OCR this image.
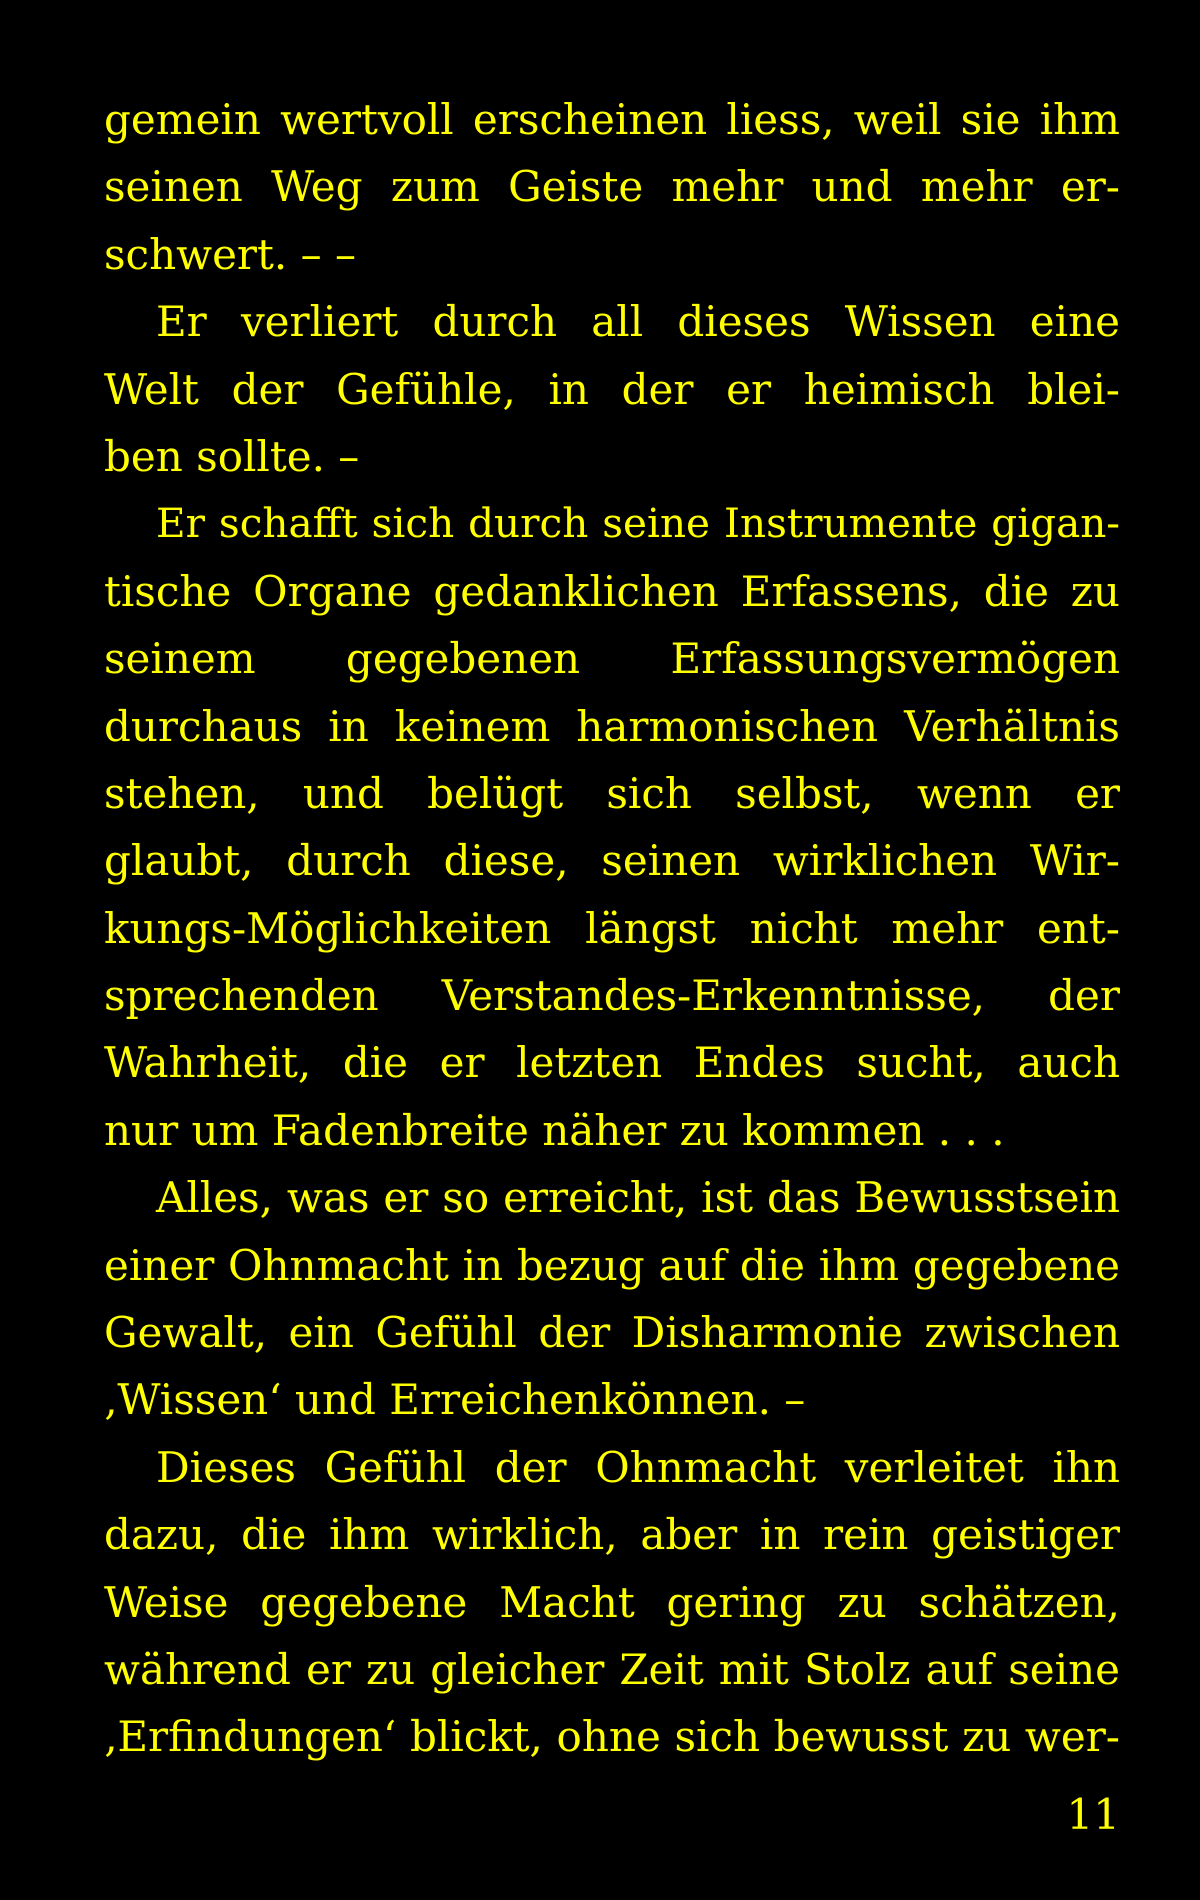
gemein wertvoll erscheinen liess, weil sie ihm
seinen Weg zum Geiste mehr und mehr er-
schwert. – –
Er verliert durch all dieses Wissen eine
Welt der Gefühle, in der er heimisch blei-
ben sollte. –
Er schafft sich durch seine Instrumente gigan-
tische Organe gedanklichen Erfassens, die zu
seinem gegebenen Erfassungsvermögen
durchaus in keinem harmonischen Verhältnis
stehen, und belügt sich selbst, wenn er
glaubt, durch diese, seinen wirklichen Wir-
kungs-Möglichkeiten längst nicht mehr ent-
sprechenden Verstandes-Erkenntnisse, der
Wahrheit, die er letzten Endes sucht, auch
nur um Fadenbreite näher zu kommen . . .
Alles, was er so erreicht, ist das Bewusstsein
einer Ohnmacht in bezug auf die ihm gegebene
Gewalt, ein Gefühl der Disharmonie zwischen
‚Wissen‘ und Erreichenkönnen. –
Dieses Gefühl der Ohnmacht verleitet ihn
dazu, die ihm wirklich, aber in rein geistiger
Weise gegebene Macht gering zu schätzen,
während er zu gleicher Zeit mit Stolz auf seine
‚Erfindungen‘ blickt, ohne sich bewusst zu wer-
11
